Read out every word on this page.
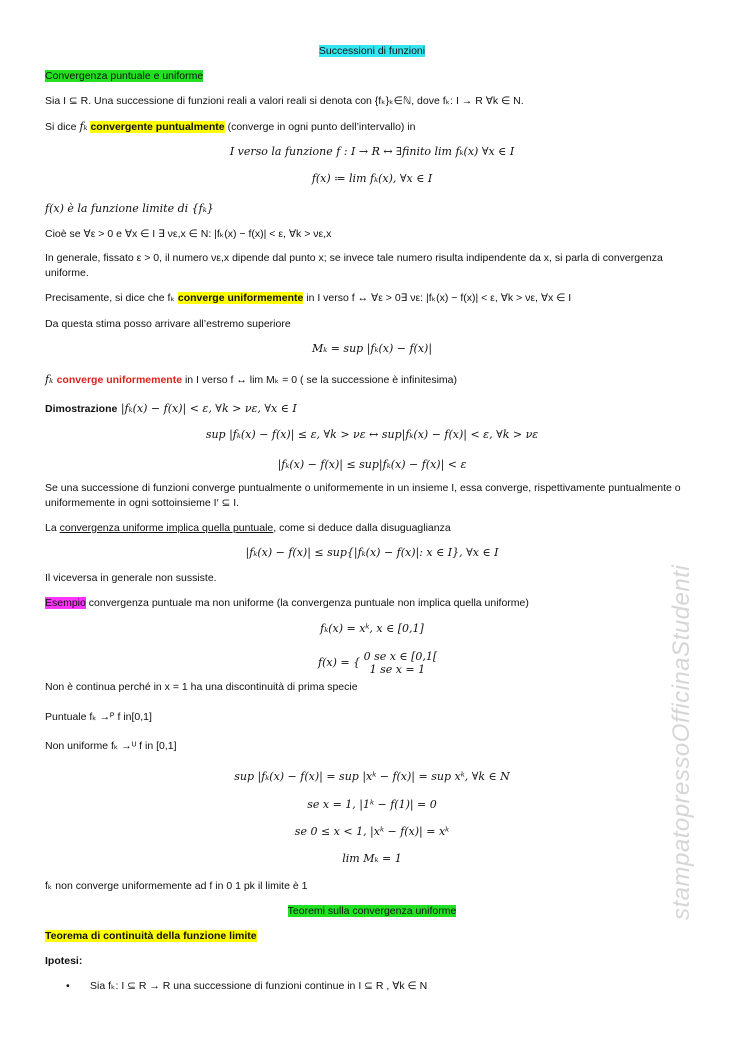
Successioni di funzioni
Convergenza puntuale e uniforme
Sia I ⊆ R. Una successione di funzioni reali a valori reali si denota con {fₖ}ₖ∈ℕ, dove fₖ: I → R ∀k ∈ N.
Si dice fₖ convergente puntualmente (converge in ogni punto dell’intervallo) in
I verso la funzione f : I → R ↔ ∃finito lim fₖ(x) ∀x ∈ I
f(x) ≔ lim fₖ(x), ∀x ∈ I
f(x) è la funzione limite di {fₖ}
Cioè se ∀ε > 0 e ∀x ∈ I ∃ νε,x ∈ N: |fₖ(x) − f(x)| < ε, ∀k > νε,x
In generale, fissato ε > 0, il numero νε,x dipende dal punto x; se invece tale numero risulta indipendente da x, si parla di convergenza
uniforme.
Precisamente, si dice che fₖ converge uniformemente in I verso f ↔ ∀ε > 0∃ νε: |fₖ(x) − f(x)| < ε, ∀k > νε, ∀x ∈ I
Da questa stima posso arrivare all’estremo superiore
Mₖ = sup |fₖ(x) − f(x)|
fₖ converge uniformemente in I verso f ↔ lim Mₖ = 0 ( se la successione è infinitesima)
Dimostrazione |fₖ(x) − f(x)| < ε, ∀k > νε, ∀x ∈ I
sup |fₖ(x) − f(x)| ≤ ε, ∀k > νε ↔ sup|fₖ(x) − f(x)| < ε, ∀k > νε
|fₖ(x) − f(x)| ≤ sup|fₖ(x) − f(x)| < ε
Se una successione di funzioni converge puntualmente o uniformemente in un insieme I, essa converge, rispettivamente puntualmente o
uniformemente in ogni sottoinsieme I′ ⊆ I.
La convergenza uniforme implica quella puntuale, come si deduce dalla disuguaglianza
|fₖ(x) − f(x)| ≤ sup{|fₖ(x) − f(x)|: x ∈ I}, ∀x ∈ I
Il viceversa in generale non sussiste.
Esempio convergenza puntuale ma non uniforme (la convergenza puntuale non implica quella uniforme)
fₖ(x) = xᵏ, x ∈ [0,1]
f(x) = { 0 se x ∈ [0,1[
1 se x = 1
Non è continua perché in x = 1 ha una discontinuità di prima specie
Puntuale fₖ →ᴾ f in[0,1]
Non uniforme fₖ →ᵁ f in [0,1]
sup |fₖ(x) − f(x)| = sup |xᵏ − f(x)| = sup xᵏ, ∀k ∈ N
se x = 1, |1ᵏ − f(1)| = 0
se 0 ≤ x < 1, |xᵏ − f(x)| = xᵏ
lim Mₖ = 1
fₖ non converge uniformemente ad f in 0 1 pk il limite è 1
Teoremi sulla convergenza uniforme
Teorema di continuità della funzione limite
Ipotesi:
• Sia fₖ: I ⊆ R → R una successione di funzioni continue in I ⊆ R , ∀k ∈ N
stampatopressoOfficinaStudenti
